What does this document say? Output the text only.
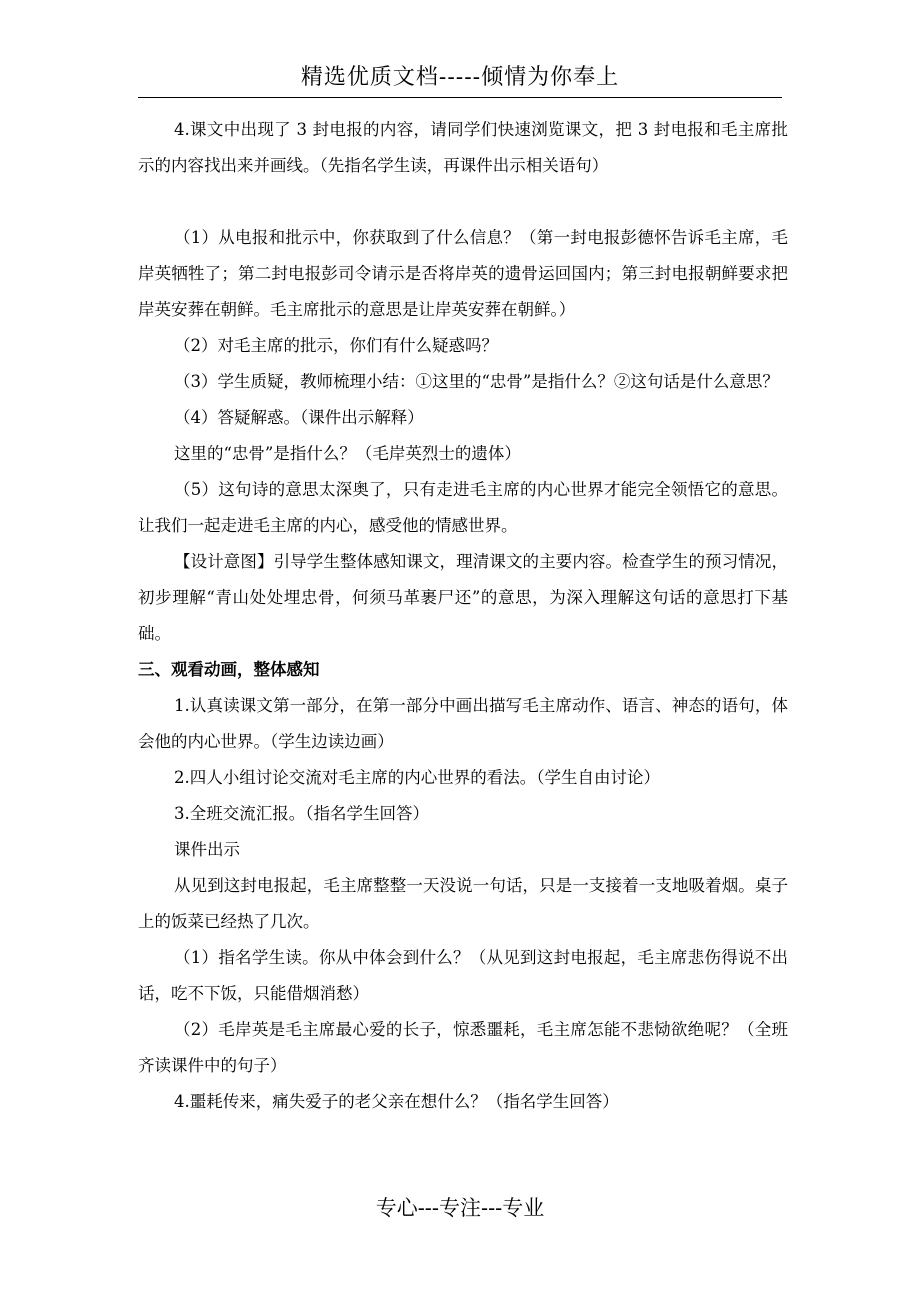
精选优质文档-----倾情为你奉上

4.课文中出现了 3 封电报的内容，请同学们快速浏览课文，把 3 封电报和毛主席批示的内容找出来并画线。（先指名学生读，再课件出示相关语句）

（1）从电报和批示中，你获取到了什么信息？（第一封电报彭德怀告诉毛主席，毛岸英牺牲了；第二封电报彭司令请示是否将岸英的遗骨运回国内；第三封电报朝鲜要求把岸英安葬在朝鲜。毛主席批示的意思是让岸英安葬在朝鲜。）

（2）对毛主席的批示，你们有什么疑惑吗？

（3）学生质疑，教师梳理小结：①这里的“忠骨”是指什么？②这句话是什么意思？

（4）答疑解惑。（课件出示解释）

这里的“忠骨”是指什么？（毛岸英烈士的遗体）

（5）这句诗的意思太深奥了，只有走进毛主席的内心世界才能完全领悟它的意思。让我们一起走进毛主席的内心，感受他的情感世界。

【设计意图】引导学生整体感知课文，理清课文的主要内容。检查学生的预习情况，初步理解“青山处处埋忠骨，何须马革裹尸还”的意思，为深入理解这句话的意思打下基础。

三、观看动画，整体感知

1.认真读课文第一部分，在第一部分中画出描写毛主席动作、语言、神态的语句，体会他的内心世界。（学生边读边画）

2.四人小组讨论交流对毛主席的内心世界的看法。（学生自由讨论）

3.全班交流汇报。（指名学生回答）

课件出示

从见到这封电报起，毛主席整整一天没说一句话，只是一支接着一支地吸着烟。桌子上的饭菜已经热了几次。

（1）指名学生读。你从中体会到什么？（从见到这封电报起，毛主席悲伤得说不出话，吃不下饭，只能借烟消愁）

（2）毛岸英是毛主席最心爱的长子，惊悉噩耗，毛主席怎能不悲恸欲绝呢？（全班齐读课件中的句子）

4.噩耗传来，痛失爱子的老父亲在想什么？（指名学生回答）

专心---专注---专业
